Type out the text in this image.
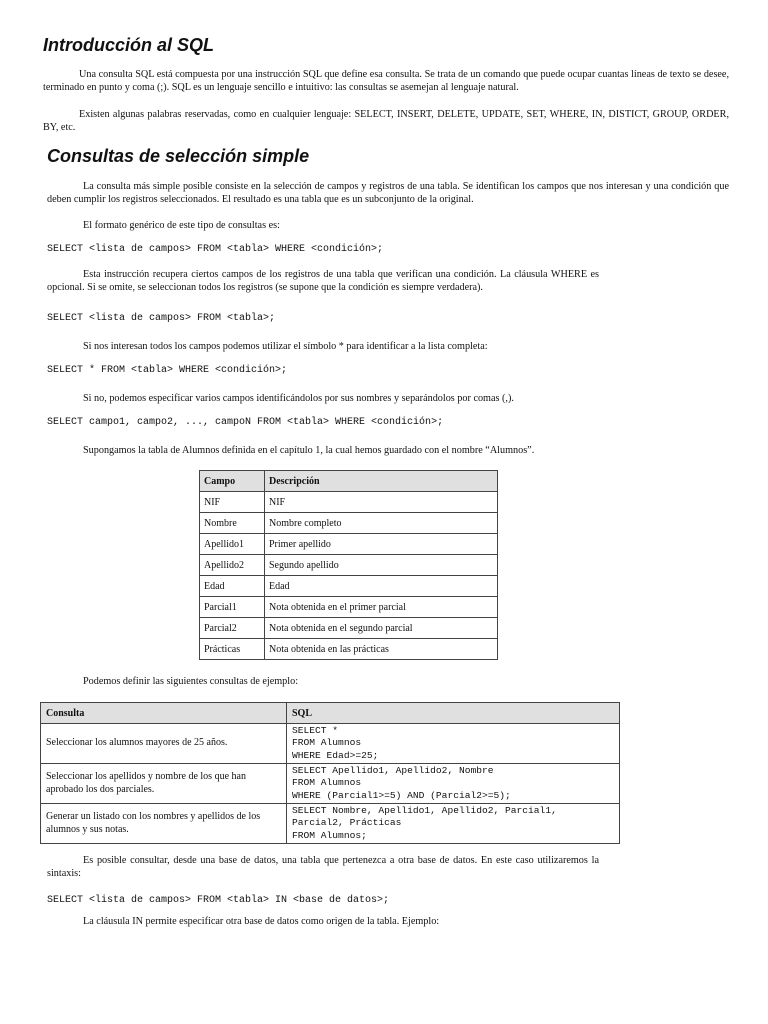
Introducción al SQL

Una consulta SQL está compuesta por una instrucción SQL que define esa consulta. Se trata de un comando que puede ocupar cuantas líneas de texto se desee, terminado en punto y coma (;). SQL es un lenguaje sencillo e intuitivo: las consultas se asemejan al lenguaje natural.

Existen algunas palabras reservadas, como en cualquier lenguaje: SELECT, INSERT, DELETE, UPDATE, SET, WHERE, IN, DISTICT, GROUP, ORDER, BY, etc.

Consultas de selección simple

La consulta más simple posible consiste en la selección de campos y registros de una tabla. Se identifican los campos que nos interesan y una condición que deben cumplir los registros seleccionados. El resultado es una tabla que es un subconjunto de la original.

El formato genérico de este tipo de consultas es:

SELECT <lista de campos> FROM <tabla> WHERE <condición>;

Esta instrucción recupera ciertos campos de los registros de una tabla que verifican una condición. La cláusula WHERE es opcional. Si se omite, se seleccionan todos los registros (se supone que la condición es siempre verdadera).

SELECT <lista de campos> FROM <tabla>;

Si nos interesan todos los campos podemos utilizar el símbolo * para identificar a la lista completa:

SELECT * FROM <tabla> WHERE <condición>;

Si no, podemos especificar varios campos identificándolos por sus nombres y separándolos por comas (,).

SELECT campo1, campo2, ..., campoN FROM <tabla> WHERE <condición>;

Supongamos la tabla de Alumnos definida en el capítulo 1, la cual hemos guardado con el nombre “Alumnos”.

Campo	Descripción
NIF	NIF
Nombre	Nombre completo
Apellido1	Primer apellido
Apellido2	Segundo apellido
Edad	Edad
Parcial1	Nota obtenida en el primer parcial
Parcial2	Nota obtenida en el segundo parcial
Prácticas	Nota obtenida en las prácticas

Podemos definir las siguientes consultas de ejemplo:

Consulta	SQL
Seleccionar los alumnos mayores de 25 años.	SELECT *
FROM Alumnos
WHERE Edad>=25;
Seleccionar los apellidos y nombre de los que han aprobado los dos parciales.	SELECT Apellido1, Apellido2, Nombre
FROM Alumnos
WHERE (Parcial1>=5) AND (Parcial2>=5);
Generar un listado con los nombres y apellidos de los alumnos y sus notas.	SELECT Nombre, Apellido1, Apellido2, Parcial1,
Parcial2, Prácticas
FROM Alumnos;

Es posible consultar, desde una base de datos, una tabla que pertenezca a otra base de datos. En este caso utilizaremos la sintaxis:

SELECT <lista de campos> FROM <tabla> IN <base de datos>;

La cláusula IN permite especificar otra base de datos como origen de la tabla. Ejemplo:
